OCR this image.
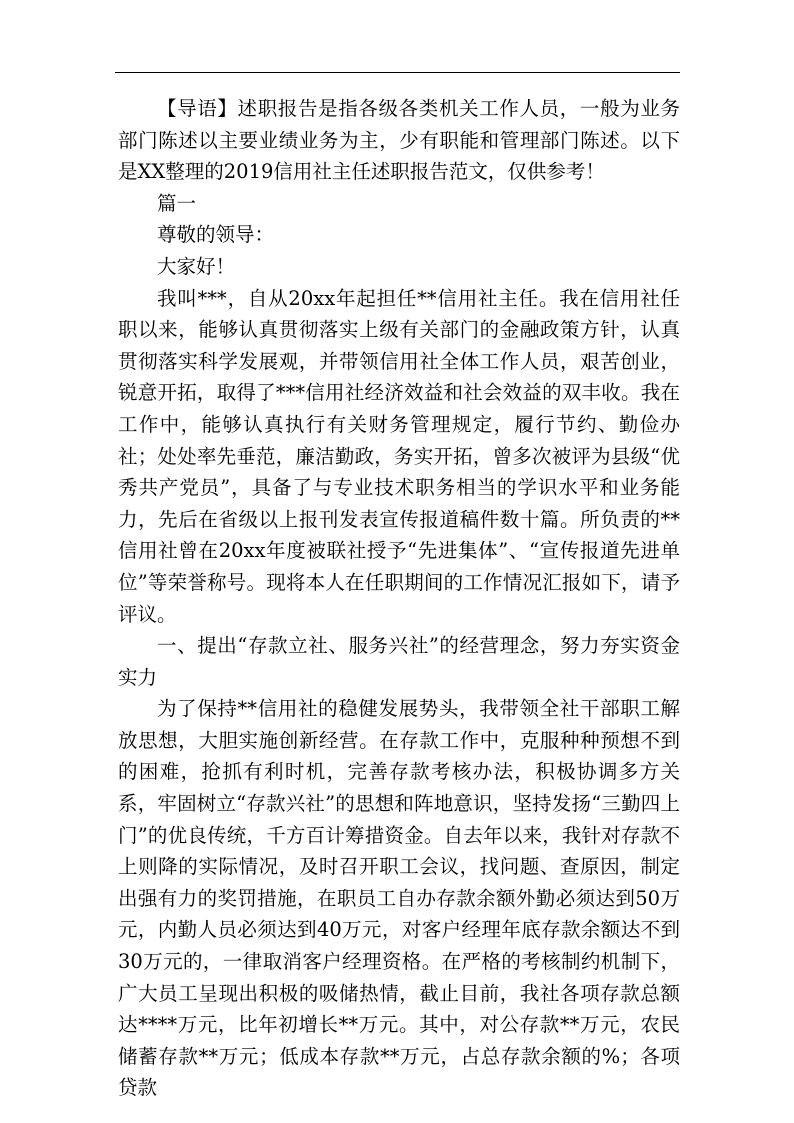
【导语】述职报告是指各级各类机关工作人员，一般为业务部门陈述以主要业绩业务为主，少有职能和管理部门陈述。以下是XX整理的2019信用社主任述职报告范文，仅供参考！

篇一

尊敬的领导：

大家好！

我叫***，自从20xx年起担任**信用社主任。我在信用社任职以来，能够认真贯彻落实上级有关部门的金融政策方针，认真贯彻落实科学发展观，并带领信用社全体工作人员，艰苦创业，锐意开拓，取得了***信用社经济效益和社会效益的双丰收。我在工作中，能够认真执行有关财务管理规定，履行节约、勤俭办社；处处率先垂范，廉洁勤政，务实开拓，曾多次被评为县级“优秀共产党员”，具备了与专业技术职务相当的学识水平和业务能力，先后在省级以上报刊发表宣传报道稿件数十篇。所负责的**信用社曾在20xx年度被联社授予“先进集体”、“宣传报道先进单位”等荣誉称号。现将本人在任职期间的工作情况汇报如下，请予评议。

一、提出“存款立社、服务兴社”的经营理念，努力夯实资金实力

为了保持**信用社的稳健发展势头，我带领全社干部职工解放思想，大胆实施创新经营。在存款工作中，克服种种预想不到的困难，抢抓有利时机，完善存款考核办法，积极协调多方关系，牢固树立“存款兴社”的思想和阵地意识，坚持发扬“三勤四上门”的优良传统，千方百计筹措资金。自去年以来，我针对存款不上则降的实际情况，及时召开职工会议，找问题、查原因，制定出强有力的奖罚措施，在职员工自办存款余额外勤必须达到50万元，内勤人员必须达到40万元，对客户经理年底存款余额达不到30万元的，一律取消客户经理资格。在严格的考核制约机制下，广大员工呈现出积极的吸储热情，截止目前，我社各项存款总额达****万元，比年初增长**万元。其中，对公存款**万元，农民储蓄存款**万元；低成本存款**万元，占总存款余额的%；各项贷款
